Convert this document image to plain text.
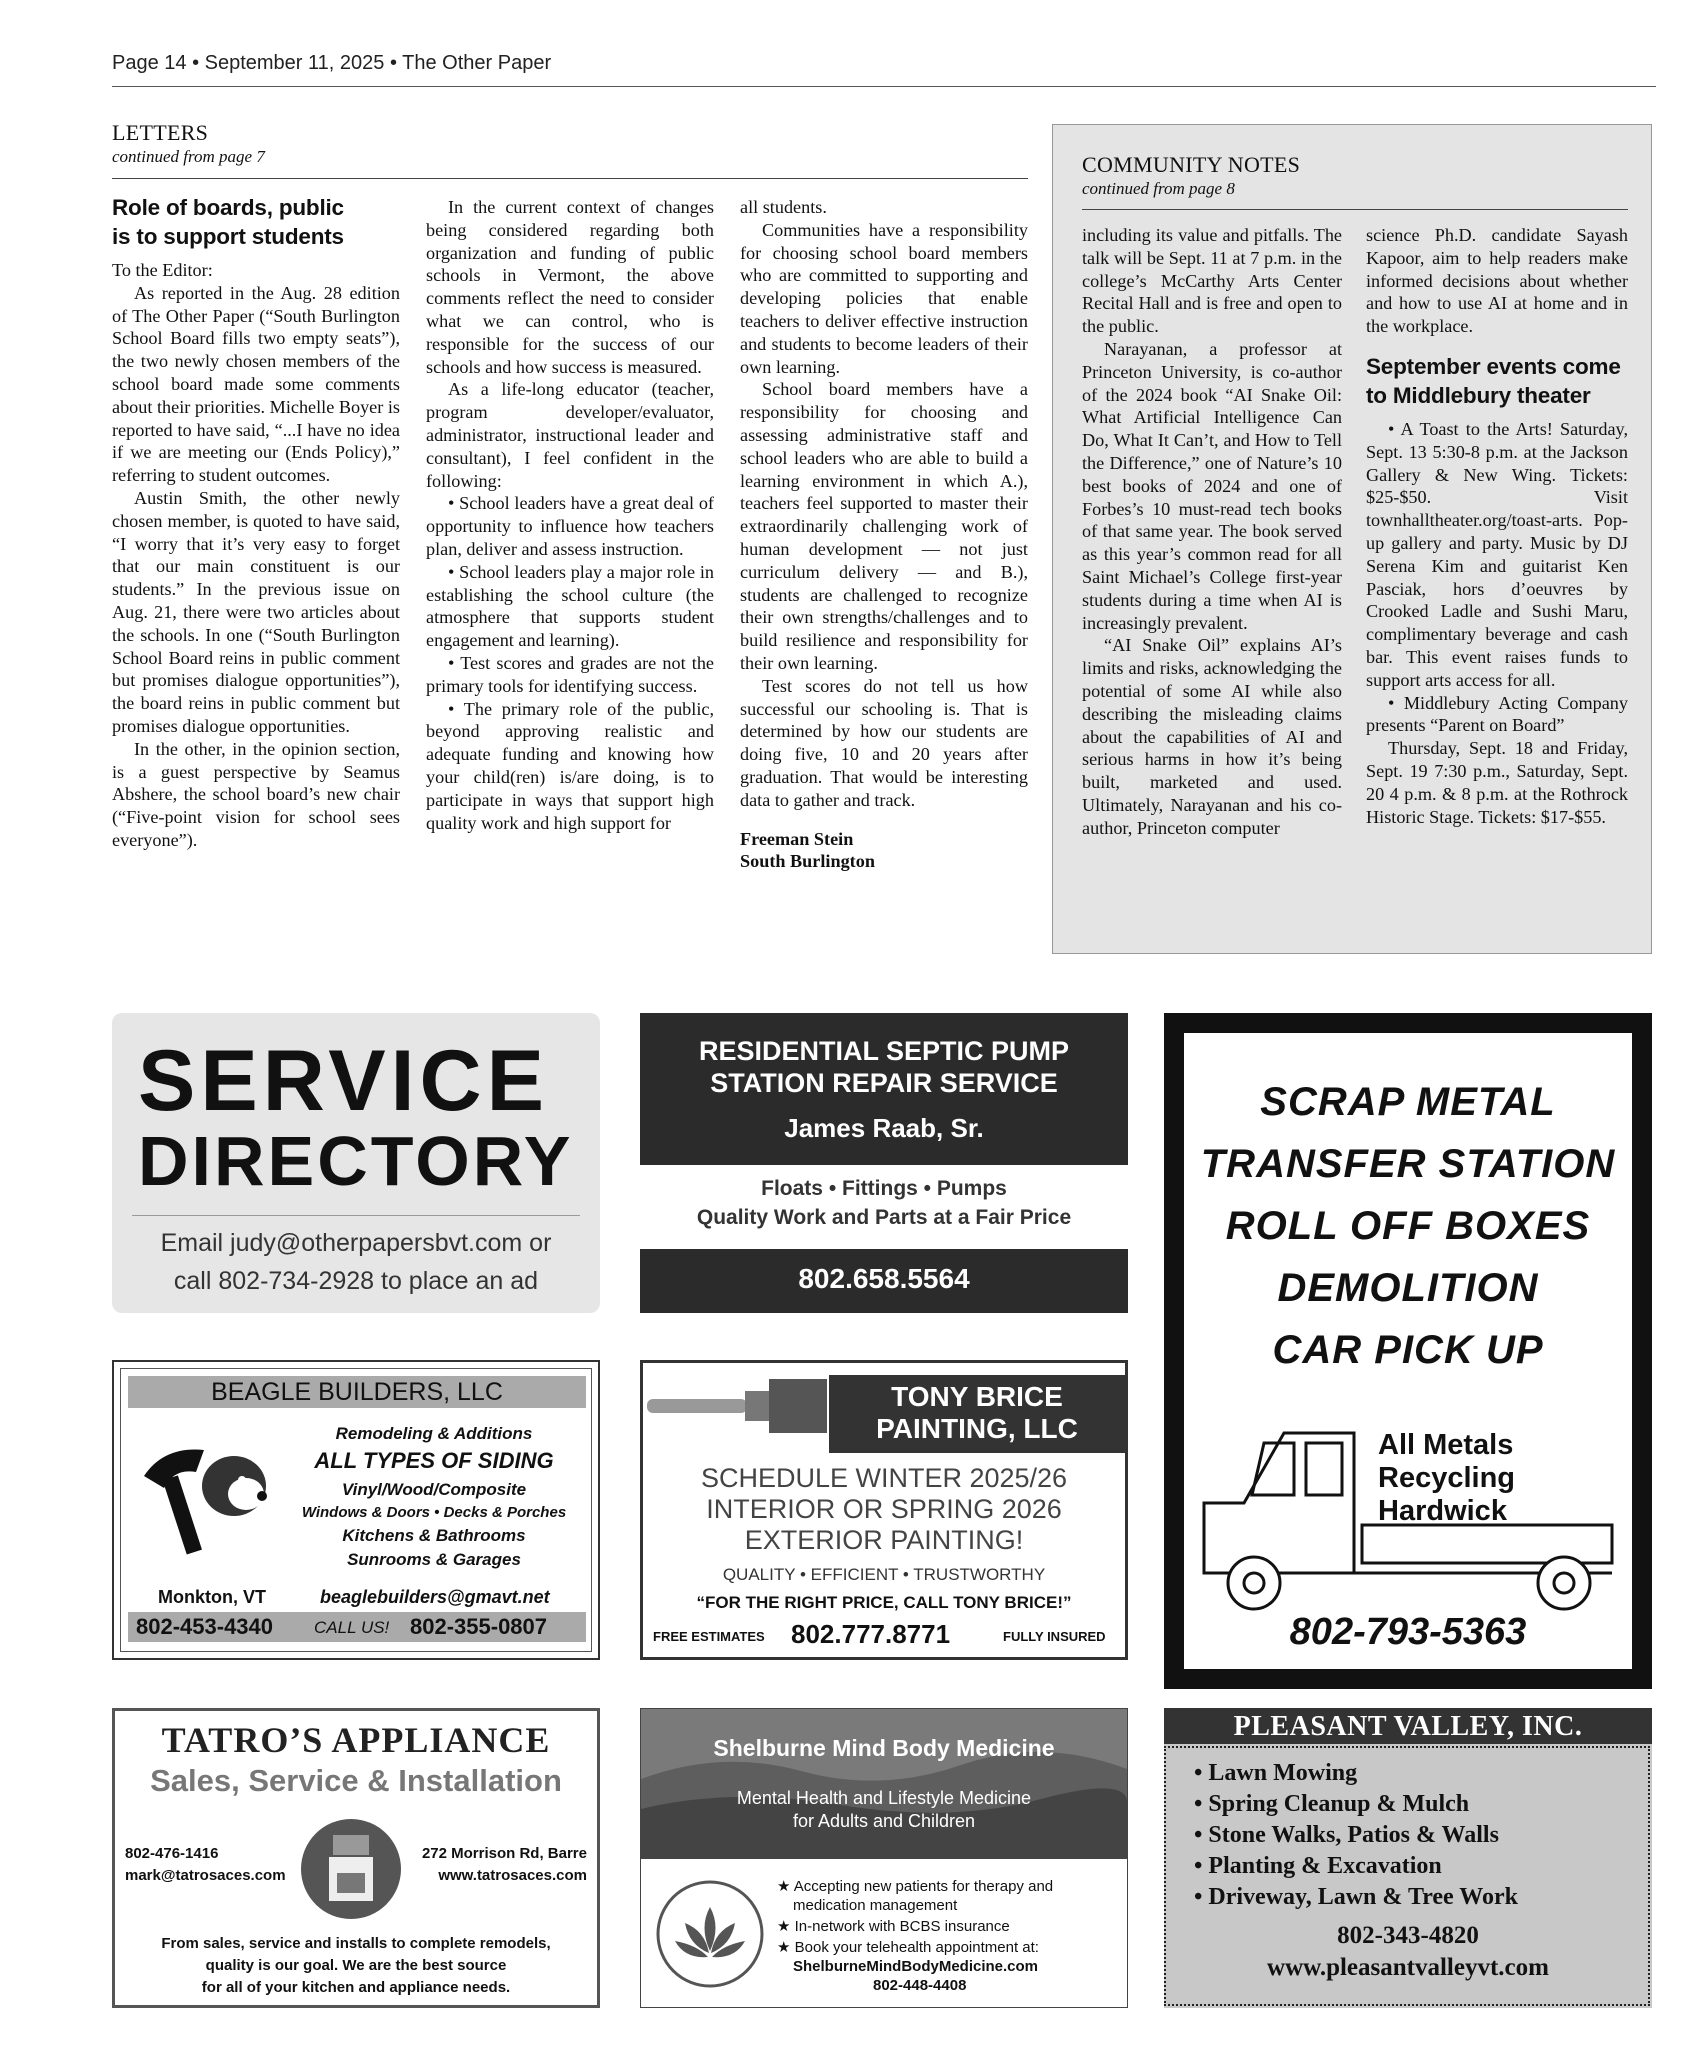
Page 14 • September 11, 2025 • The Other Paper
LETTERS
continued from page 7
Role of boards, public
is to support students

To the Editor:

As reported in the Aug. 28 edition of The Other Paper (“South Burlington School Board fills two empty seats”), the two newly chosen members of the school board made some comments about their priorities. Michelle Boyer is reported to have said, “...I have no idea if we are meeting our (Ends Policy),” referring to student outcomes.

Austin Smith, the other newly chosen member, is quoted to have said, “I worry that it’s very easy to forget that our main constituent is our students.” In the previous issue on Aug. 21, there were two articles about the schools. In one (“South Burlington School Board reins in public comment but promises dialogue opportunities”), the board reins in public comment but promises dialogue opportunities.

In the other, in the opinion section, is a guest perspective by Seamus Abshere, the school board’s new chair (“Five-point vision for school sees everyone”).

In the current context of changes being considered regarding both organization and funding of public schools in Vermont, the above comments reflect the need to consider what we can control, who is responsible for the success of our schools and how success is measured.

As a life-long educator (teacher, program developer/evaluator, administrator, instructional leader and consultant), I feel confident in the following:

• School leaders have a great deal of opportunity to influence how teachers plan, deliver and assess instruction.

• School leaders play a major role in establishing the school culture (the atmosphere that supports student engagement and learning).

• Test scores and grades are not the primary tools for identifying success.

• The primary role of the public, beyond approving realistic and adequate funding and knowing how your child(ren) is/are doing, is to participate in ways that support high quality work and high support for

all students.

Communities have a responsibility for choosing school board members who are committed to supporting and developing policies that enable teachers to deliver effective instruction and students to become leaders of their own learning.

School board members have a responsibility for choosing and assessing administrative staff and school leaders who are able to build a learning environment in which A.), teachers feel supported to master their extraordinarily challenging work of human development — not just curriculum delivery — and B.), students are challenged to recognize their own strengths/challenges and to build resilience and responsibility for their own learning.

Test scores do not tell us how successful our schooling is. That is determined by how our students are doing five, 10 and 20 years after graduation. That would be interesting data to gather and track.

Freeman Stein

South Burlington

COMMUNITY NOTES
continued from page 8

including its value and pitfalls. The talk will be Sept. 11 at 7 p.m. in the college’s McCarthy Arts Center Recital Hall and is free and open to the public.

Narayanan, a professor at Princeton University, is co-author of the 2024 book “AI Snake Oil: What Artificial Intelligence Can Do, What It Can’t, and How to Tell the Difference,” one of Nature’s 10 best books of 2024 and one of Forbes’s 10 must-read tech books of that same year. The book served as this year’s common read for all Saint Michael’s College first-year students during a time when AI is increasingly prevalent.

“AI Snake Oil” explains AI’s limits and risks, acknowledging the potential of some AI while also describing the misleading claims about the capabilities of AI and serious harms in how it’s being built, marketed and used. Ultimately, Narayanan and his co-author, Princeton computer

science Ph.D. candidate Sayash Kapoor, aim to help readers make informed decisions about whether and how to use AI at home and in the workplace.

September events come
to Middlebury theater

• A Toast to the Arts! Saturday, Sept. 13 5:30-8 p.m. at the Jackson Gallery & New Wing. Tickets: $25-$50. Visit townhalltheater.org/toast-arts. Pop-up gallery and party. Music by DJ Serena Kim and guitarist Ken Pasciak, hors d’oeuvres by Crooked Ladle and Sushi Maru, complimentary beverage and cash bar. This event raises funds to support arts access for all.

• Middlebury Acting Company presents “Parent on Board”

Thursday, Sept. 18 and Friday, Sept. 19 7:30 p.m., Saturday, Sept. 20 4 p.m. & 8 p.m. at the Rothrock Historic Stage. Tickets: $17-$55.

SERVICE
DIRECTORY
Email judy@otherpapersbvt.com or
call 802-734-2928 to place an ad
RESIDENTIAL SEPTIC PUMP
STATION REPAIR SERVICE
James Raab, Sr.
Floats • Fittings • Pumps
Quality Work and Parts at a Fair Price
802.658.5564
SCRAP METAL
TRANSFER STATION
ROLL OFF BOXES
DEMOLITION
CAR PICK UP
All Metals
Recycling
Hardwick
802-793-5363
BEAGLE BUILDERS, LLC
Remodeling & Additions
ALL TYPES OF SIDING
Vinyl/Wood/Composite
Windows & Doors • Decks & Porches
Kitchens & Bathrooms
Sunrooms & Garages
Monkton, VT	beaglebuilders@gmavt.net
802-453-4340 CALL US! 802-355-0807
TONY BRICE
PAINTING, LLC
SCHEDULE WINTER 2025/26
INTERIOR OR SPRING 2026
EXTERIOR PAINTING!
QUALITY • EFFICIENT • TRUSTWORTHY
“FOR THE RIGHT PRICE, CALL TONY BRICE!”
FREE ESTIMATES 802.777.8771	FULLY INSURED
TATRO’S APPLIANCE
Sales, Service & Installation
802-476-1416
mark@tatrosaces.com
272 Morrison Rd, Barre
www.tatrosaces.com
From sales, service and installs to complete remodels,
quality is our goal. We are the best source
for all of your kitchen and appliance needs.
Shelburne Mind Body Medicine
Mental Health and Lifestyle Medicine
for Adults and Children
★ Accepting new patients for therapy and
medication management
★ In-network with BCBS insurance
★ Book your telehealth appointment at:
ShelburneMindBodyMedicine.com
802-448-4408
PLEASANT VALLEY, INC.
• Lawn Mowing
• Spring Cleanup & Mulch
• Stone Walks, Patios & Walls
• Planting & Excavation
• Driveway, Lawn & Tree Work
802-343-4820
www.pleasantvalleyvt.com
